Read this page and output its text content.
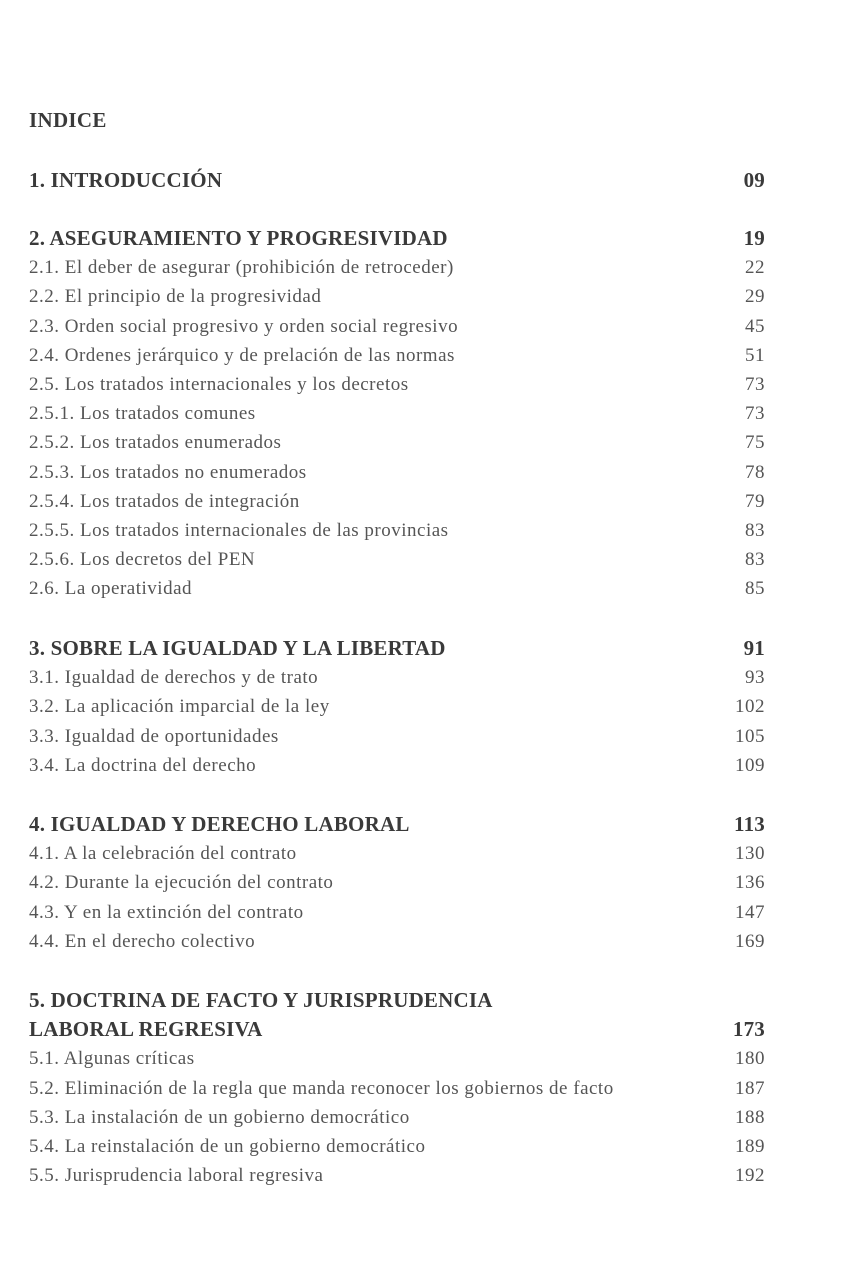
INDICE
1. INTRODUCCIÓN	09
2. ASEGURAMIENTO Y PROGRESIVIDAD	19
2.1. El deber de asegurar (prohibición de retroceder)	22
2.2. El principio de la progresividad	29
2.3. Orden social progresivo y orden social regresivo	45
2.4. Ordenes jerárquico y de prelación de las normas	51
2.5. Los tratados internacionales y los decretos	73
2.5.1. Los tratados comunes	73
2.5.2. Los tratados enumerados	75
2.5.3. Los tratados no enumerados	78
2.5.4. Los tratados de integración	79
2.5.5. Los tratados internacionales de las provincias	83
2.5.6. Los decretos del PEN	83
2.6. La operatividad	85
3. SOBRE LA IGUALDAD Y LA LIBERTAD	91
3.1. Igualdad de derechos y de trato	93
3.2. La aplicación imparcial de la ley	102
3.3. Igualdad de oportunidades	105
3.4. La doctrina del derecho	109
4. IGUALDAD Y DERECHO LABORAL	113
4.1. A la celebración del contrato	130
4.2. Durante la ejecución del contrato	136
4.3. Y en la extinción del contrato	147
4.4. En el derecho colectivo	169
5. DOCTRINA DE FACTO Y JURISPRUDENCIA
LABORAL REGRESIVA	173
5.1. Algunas críticas	180
5.2. Eliminación de la regla que manda reconocer los gobiernos de facto	187
5.3. La instalación de un gobierno democrático	188
5.4. La reinstalación de un gobierno democrático	189
5.5. Jurisprudencia laboral regresiva	192
